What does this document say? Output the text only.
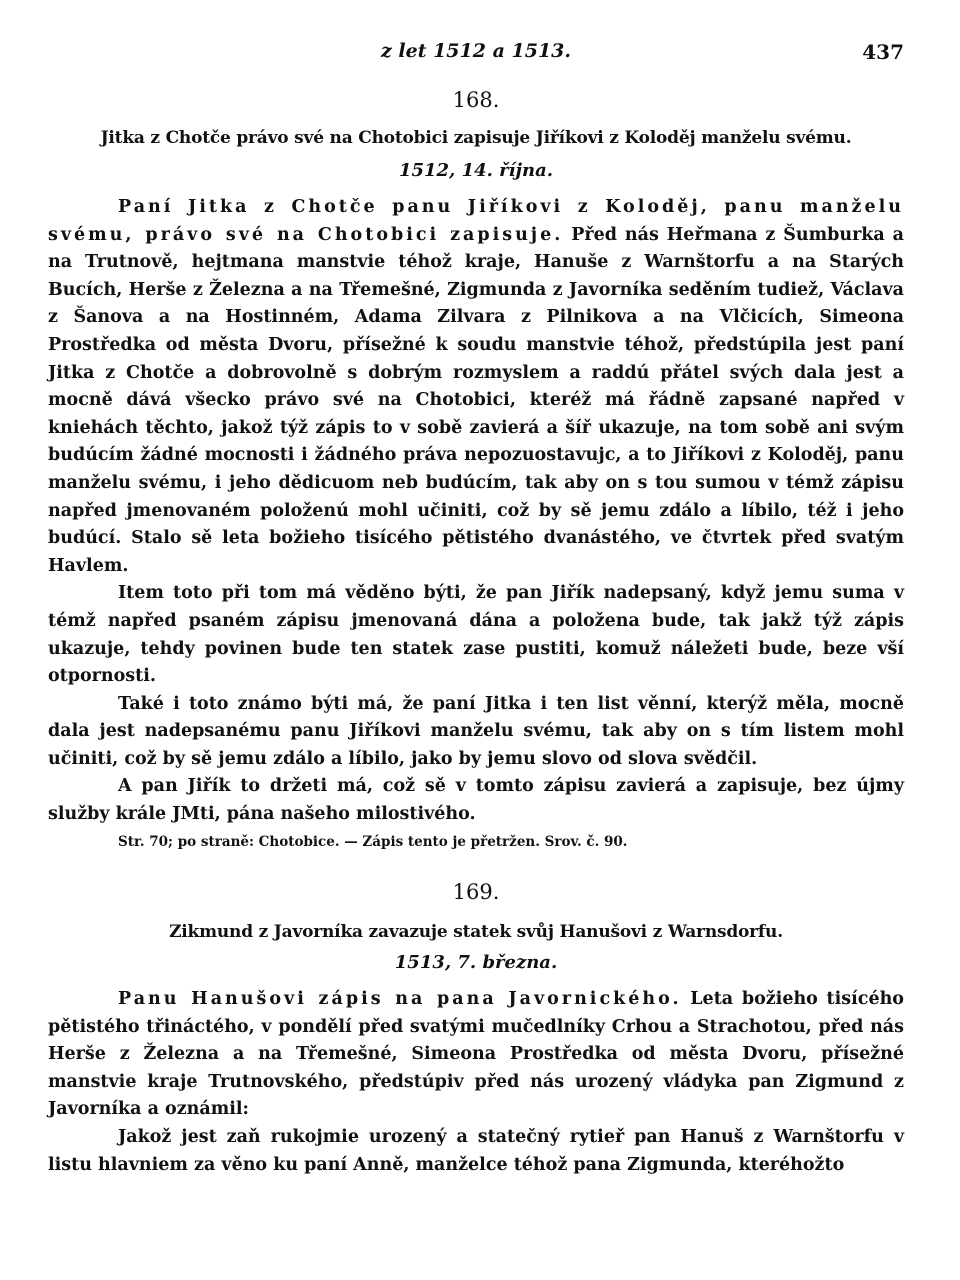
z let 1512 a 1513.	437
168.
Jitka z Chotče právo své na Chotobici zapisuje Jiříkovi z Koloděj manželu svému.
1512, 14. října.

Paní Jitka z Chotče panu Jiříkovi z Koloděj, panu manželu svému, právo své na Chotobici zapisuje. Před nás Heřmana z Šumburka a na Trutnově, hejtmana manstvie téhož kraje, Hanuše z Warnštorfu a na Starých Bucích, Herše z Železna a na Třemešné, Zigmunda z Javorníka seděním tudiež, Václava z Šanova a na Hostinném, Adama Zilvara z Pilnikova a na Vlčicích, Simeona Prostředka od města Dvoru, přísežné k soudu manstvie téhož, předstúpila jest paní Jitka z Chotče a dobrovolně s dobrým rozmyslem a raddú přátel svých dala jest a mocně dává všecko právo své na Chotobici, kteréž má řádně zapsané napřed v kniehách těchto, jakož týž zápis to v sobě zavierá a šíř ukazuje, na tom sobě ani svým budúcím žádné mocnosti i žádného práva nepozuostavujc, a to Jiříkovi z Koloděj, panu manželu svému, i jeho dědicuom neb budúcím, tak aby on s tou sumou v témž zápisu napřed jmenovaném položenú mohl učiniti, což by sě jemu zdálo a líbilo, též i jeho budúcí. Stalo sě leta božieho tisícého pětistého dvanástého, ve čtvrtek před svatým Havlem.

Item toto při tom má věděno býti, že pan Jiřík nadepsaný, když jemu suma v témž napřed psaném zápisu jmenovaná dána a položena bude, tak jakž týž zápis ukazuje, tehdy povinen bude ten statek zase pustiti, komuž náležeti bude, beze vší otpornosti.

Také i toto známo býti má, že paní Jitka i ten list věnní, kterýž měla, mocně dala jest nadepsanému panu Jiříkovi manželu svému, tak aby on s tím listem mohl učiniti, což by sě jemu zdálo a líbilo, jako by jemu slovo od slova svědčil.

A pan Jiřík to držeti má, což sě v tomto zápisu zavierá a zapisuje, bez újmy služby krále JMti, pána našeho milostivého.

Str. 70; po straně: Chotobice. — Zápis tento je přetržen. Srov. č. 90.
169.
Zikmund z Javorníka zavazuje statek svůj Hanušovi z Warnsdorfu.
1513, 7. března.

Panu Hanušovi zápis na pana Javornického. Leta božieho tisícého pětistého třináctého, v pondělí před svatými mučedlníky Crhou a Strachotou, před nás Herše z Železna a na Třemešné, Simeona Prostředka od města Dvoru, přísežné manstvie kraje Trutnovského, předstúpiv před nás urozený vládyka pan Zigmund z Javorníka a oznámil:

Jakož jest zaň rukojmie urozený a statečný rytieř pan Hanuš z Warnštorfu v listu hlavniem za věno ku paní Anně, manželce téhož pana Zigmunda, kteréhožto
